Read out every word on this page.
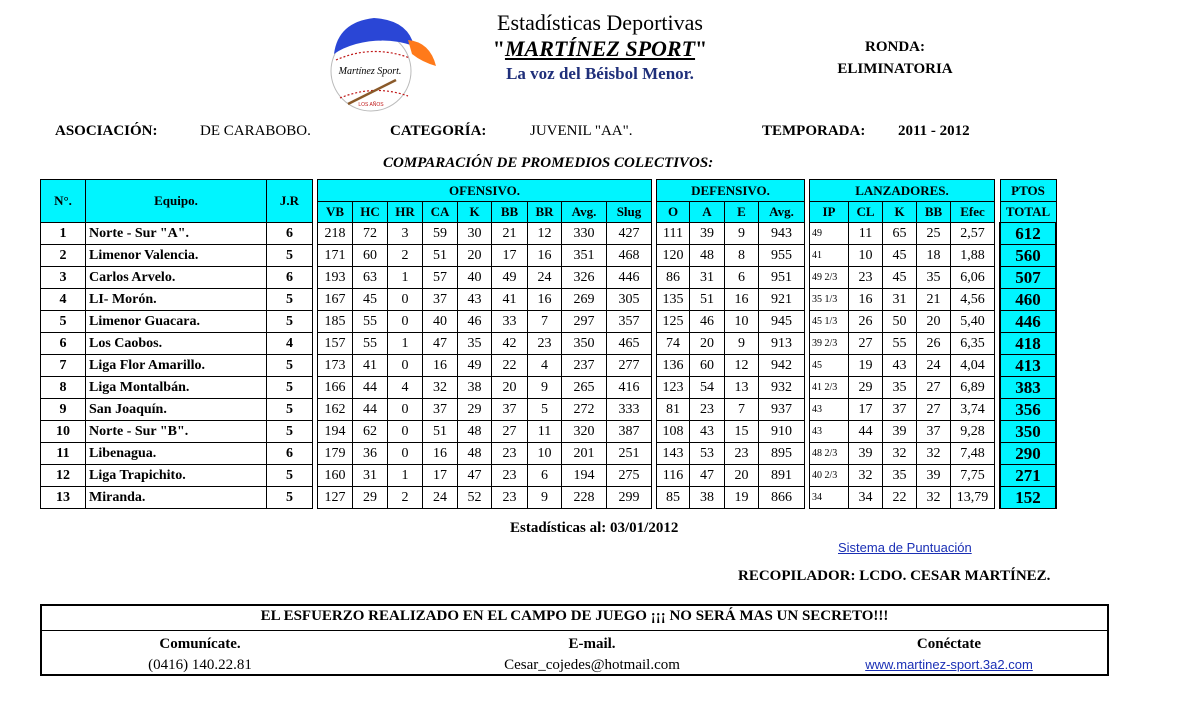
Martínez Sport.
LOS AÑOS
Estadísticas Deportivas
"MARTÍNEZ SPORT"
La voz del Béisbol Menor.
RONDA:
ELIMINATORIA
ASOCIACIÓN:	DE CARABOBO.	CATEGORÍA:	JUVENIL "AA".	TEMPORADA: 2011 - 2012
COMPARACIÓN DE PROMEDIOS COLECTIVOS:
N°.	Equipo.	J.R		OFENSIVO.										DEFENSIVO.					LANZADORES.						PTOS
				VB	HC	HR	CA	K	BB	BR	Avg.	Slug		O	A	E	Avg.		IP	CL	K	BB	Efec		TOTAL
1	Norte - Sur "A".	6		218	72	3	59	30	21	12	330	427		111	39	9	943		49	11	65	25	2,57		612
2	Limenor Valencia.	5		171	60	2	51	20	17	16	351	468		120	48	8	955		41	10	45	18	1,88		560
3	Carlos Arvelo.	6		193	63	1	57	40	49	24	326	446		86	31	6	951		49 2/3	23	45	35	6,06		507
4	LI- Morón.	5		167	45	0	37	43	41	16	269	305		135	51	16	921		35 1/3	16	31	21	4,56		460
5	Limenor Guacara.	5		185	55	0	40	46	33	7	297	357		125	46	10	945		45 1/3	26	50	20	5,40		446
6	Los Caobos.	4		157	55	1	47	35	42	23	350	465		74	20	9	913		39 2/3	27	55	26	6,35		418
7	Liga Flor Amarillo.	5		173	41	0	16	49	22	4	237	277		136	60	12	942		45	19	43	24	4,04		413
8	Liga Montalbán.	5		166	44	4	32	38	20	9	265	416		123	54	13	932		41 2/3	29	35	27	6,89		383
9	San Joaquín.	5		162	44	0	37	29	37	5	272	333		81	23	7	937		43	17	37	27	3,74		356
10	Norte - Sur "B".	5		194	62	0	51	48	27	11	320	387		108	43	15	910		43	44	39	37	9,28		350
11	Libenagua.	6		179	36	0	16	48	23	10	201	251		143	53	23	895		48 2/3	39	32	32	7,48		290
12	Liga Trapichito.	5		160	31	1	17	47	23	6	194	275		116	47	20	891		40 2/3	32	35	39	7,75		271
13	Miranda.	5		127	29	2	24	52	23	9	228	299		85	38	19	866		34	34	22	32	13,79		152
Estadísticas al: 03/01/2012
Sistema de Puntuación
RECOPILADOR: LCDO. CESAR MARTÍNEZ.
EL ESFUERZO REALIZADO EN EL CAMPO DE JUEGO ¡¡¡ NO SERÁ MAS UN SECRETO!!!
Comunícate.
(0416) 140.22.81
E-mail.
Cesar_cojedes@hotmail.com
Conéctate
www.martinez-sport.3a2.com
